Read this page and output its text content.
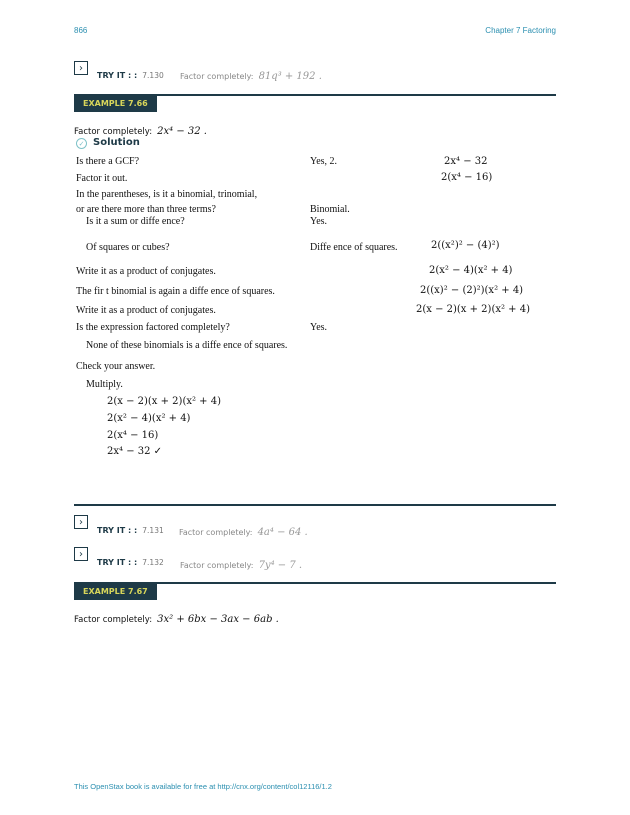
866	Chapter 7 Factoring
›
TRY IT : : 7.130 Factor completely: 81q³ + 192 .
EXAMPLE 7.66
Factor completely: 2x⁴ − 32 .
✓ Solution
Is there a GCF?	Yes, 2.	2x⁴ − 32
Factor it out.	2(x⁴ − 16)
In the parentheses, is it a binomial, trinomial,
or are there more than three terms?	Binomial.
Is it a sum or diffe ence?	Yes.
Of squares or cubes?	Diffe ence of squares.	2((x²)² − (4)²)
Write it as a product of conjugates.	2(x² − 4)(x² + 4)
The fir t binomial is again a diffe ence of squares.	2((x)² − (2)²)(x² + 4)
Write it as a product of conjugates.	2(x − 2)(x + 2)(x² + 4)
Is the expression factored completely?	Yes.
None of these binomials is a diffe ence of squares.
Check your answer.
Multiply.
2(x − 2)(x + 2)(x² + 4)
2(x² − 4)(x² + 4)
2(x⁴ − 16)
2x⁴ − 32 ✓
›
TRY IT : : 7.131 Factor completely: 4a⁴ − 64 .
›
TRY IT : : 7.132 Factor completely: 7y⁴ − 7 .
EXAMPLE 7.67
Factor completely: 3x² + 6bx − 3ax − 6ab .
This OpenStax book is available for free at http://cnx.org/content/col12116/1.2
